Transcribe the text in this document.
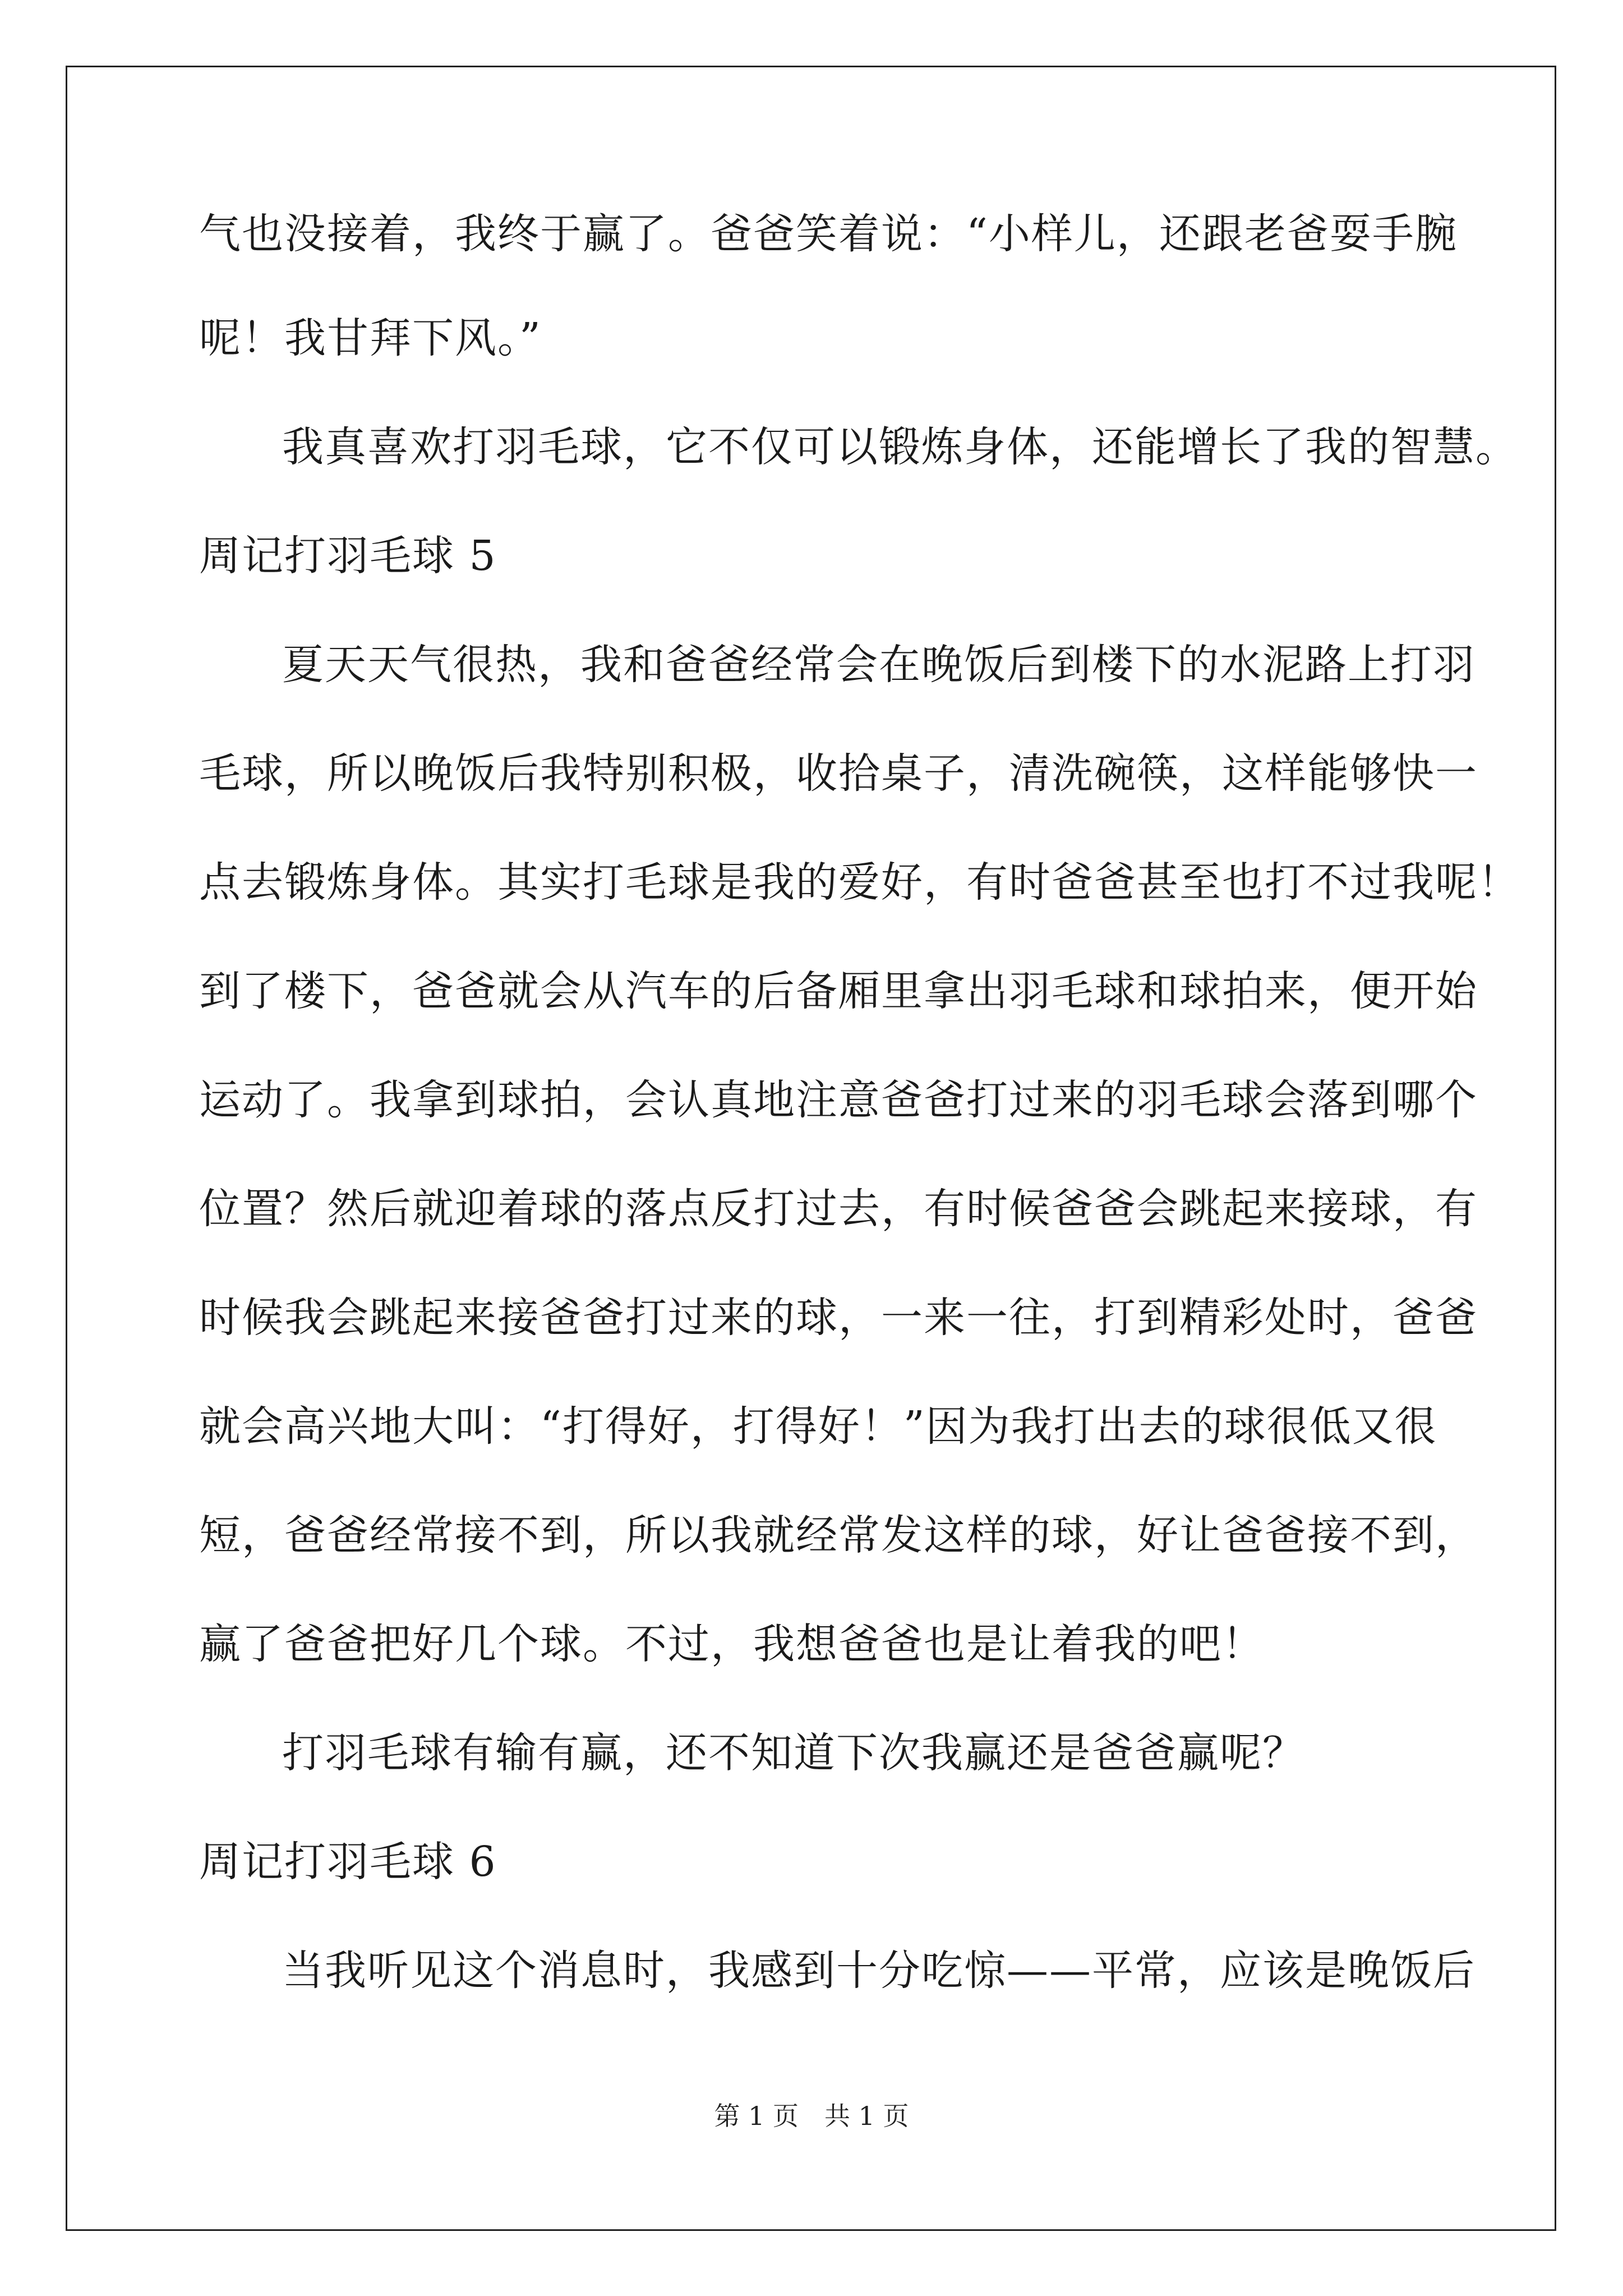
气也没接着，我终于赢了。爸爸笑着说：“小样儿，还跟老爸耍手腕
呢！我甘拜下风。”
我真喜欢打羽毛球，它不仅可以锻炼身体，还能增长了我的智慧。
周记打羽毛球 5
夏天天气很热，我和爸爸经常会在晚饭后到楼下的水泥路上打羽
毛球，所以晚饭后我特别积极，收拾桌子，清洗碗筷，这样能够快一
点去锻炼身体。其实打毛球是我的爱好，有时爸爸甚至也打不过我呢！
到了楼下，爸爸就会从汽车的后备厢里拿出羽毛球和球拍来，便开始
运动了。我拿到球拍，会认真地注意爸爸打过来的羽毛球会落到哪个
位置？然后就迎着球的落点反打过去，有时候爸爸会跳起来接球，有
时候我会跳起来接爸爸打过来的球，一来一往，打到精彩处时，爸爸
就会高兴地大叫：“打得好，打得好！”因为我打出去的球很低又很
短，爸爸经常接不到，所以我就经常发这样的球，好让爸爸接不到，
赢了爸爸把好几个球。不过，我想爸爸也是让着我的吧！
打羽毛球有输有赢，还不知道下次我赢还是爸爸赢呢？
周记打羽毛球 6
当我听见这个消息时，我感到十分吃惊——平常，应该是晚饭后
第 1 页　共 1 页
